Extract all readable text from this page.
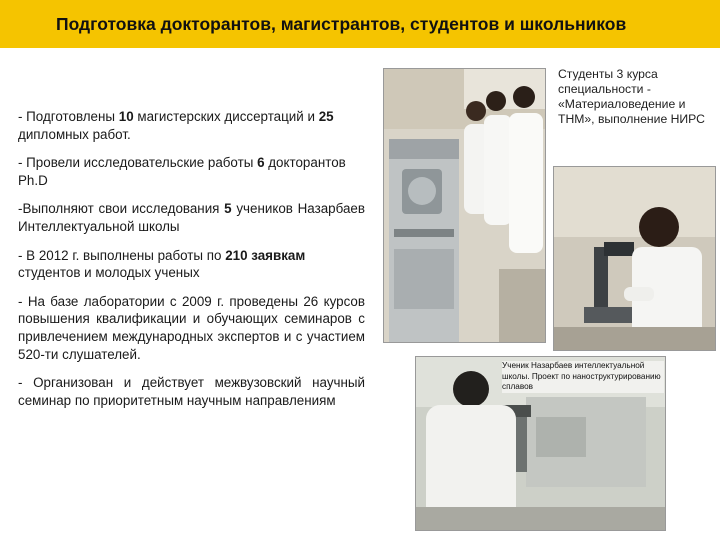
Подготовка докторантов, магистрантов, студентов и школьников

- Подготовлены 10 магистерских диссертаций и 25 дипломных работ.

- Провели исследовательские работы 6 докторантов Ph.D

-Выполняют свои исследования 5 учеников Назарбаев Интеллектуальной школы

- В 2012 г. выполнены работы по 210 заявкам студентов и молодых ученых

- На базе лаборатории с 2009 г. проведены 26 курсов повышения квалификации и обучающих семинаров с привлечением международных экспертов и с участием 520-ти слушателей.

- Организован и действует межвузовский научный семинар по приоритетным научным направлениям

Студенты 3 курса специальности - «Материаловедение и ТНМ», выполнение НИРС
Ученик Назарбаев интеллектуальной школы. Проект по наноструктурированию сплавов
